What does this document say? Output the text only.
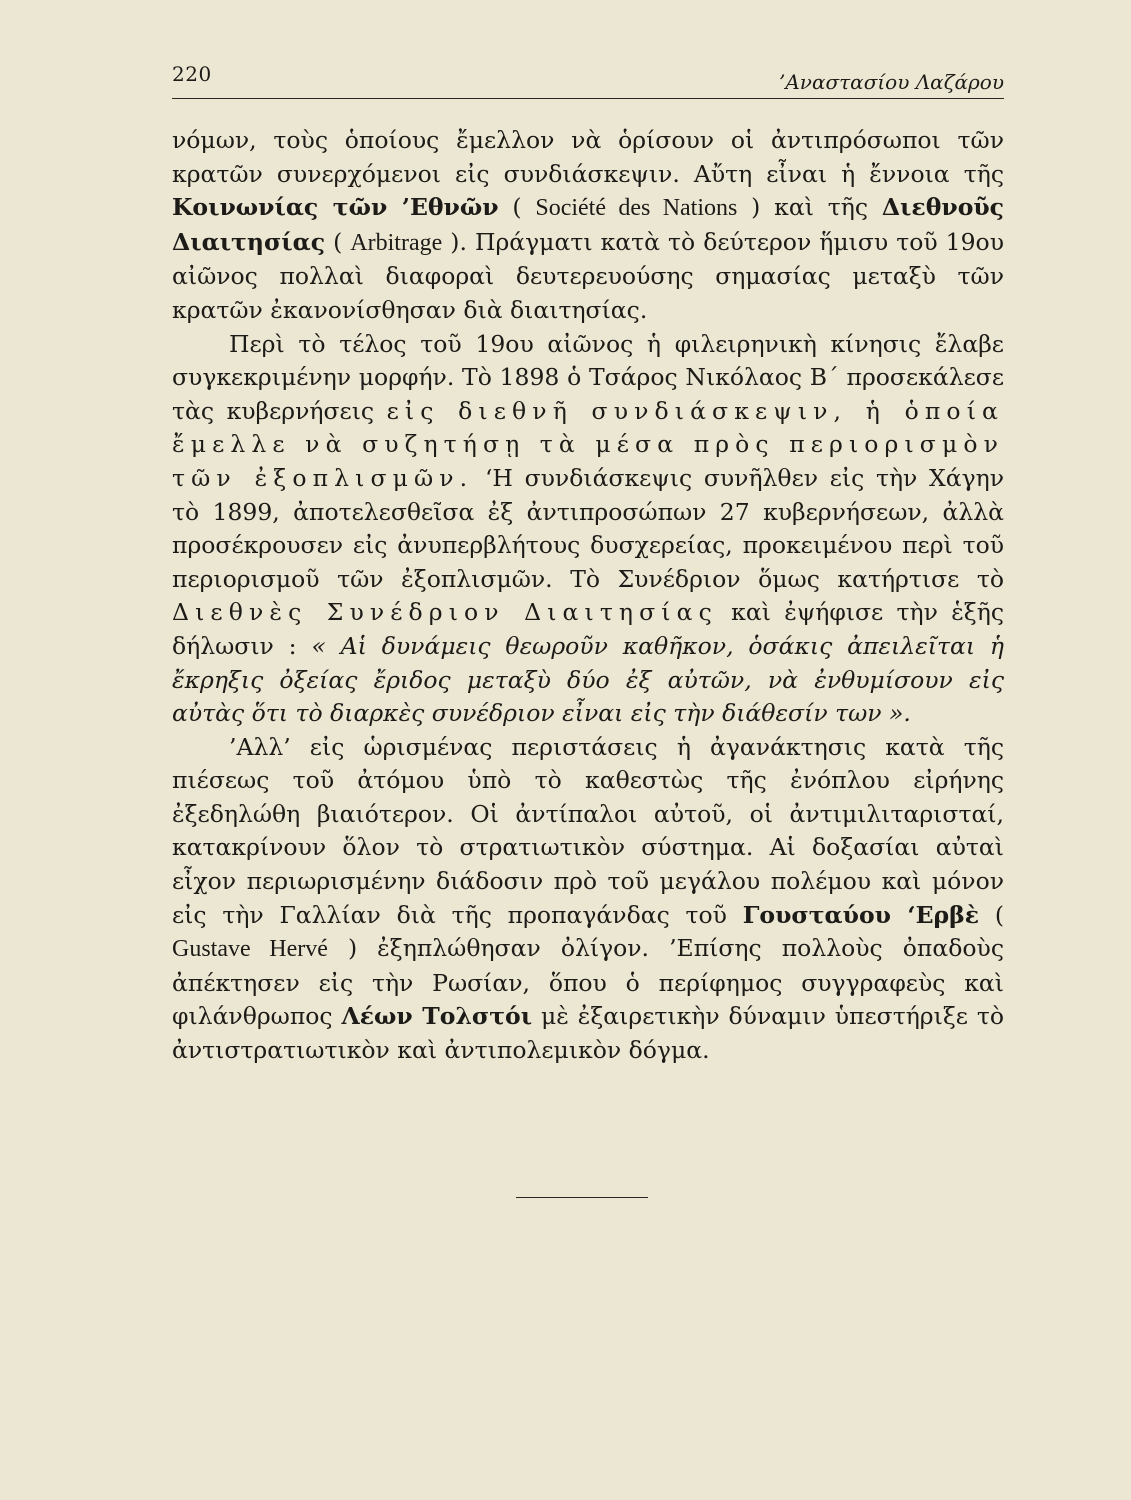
220	’Αναστασίου Λαζάρου

νόμων, τοὺς ὁποίους ἔμελλον νὰ ὁρίσουν οἱ ἀντιπρόσωποι τῶν κρατῶν συνερχόμενοι εἰς συνδιάσκεψιν. Αὔτη εἶναι ἡ ἔννοια τῆς Κοινωνίας τῶν ’Εθνῶν ( Société des Nations ) καὶ τῆς Διεθνοῦς Διαιτησίας ( Arbitrage ). Πράγματι κατὰ τὸ δεύτερον ἥμισυ τοῦ 19ου αἰῶνος πολλαὶ διαφοραὶ δευτερευούσης σημασίας μεταξὺ τῶν κρατῶν ἐκανονίσθησαν διὰ διαιτησίας.

Περὶ τὸ τέλος τοῦ 19ου αἰῶνος ἡ φιλειρηνικὴ κίνησις ἔλαβε συγκεκριμένην μορφήν. Τὸ 1898 ὁ Τσάρος Νικόλαος Β΄ προσεκάλεσε τὰς κυβερνήσεις εἰς διεθνῆ συνδιάσκεψιν, ἡ ὁποία ἔμελλε νὰ συζητήσῃ τὰ μέσα πρὸς περιορισμὸν τῶν ἐξοπλισμῶν. ‘Η συνδιάσκεψις συνῆλθεν εἰς τὴν Χάγην τὸ 1899, ἀποτελεσθεῖσα ἐξ ἀντιπροσώπων 27 κυβερνήσεων, ἀλλὰ προσέκρουσεν εἰς ἀνυπερβλήτους δυσχερείας, προκειμένου περὶ τοῦ περιορισμοῦ τῶν ἐξοπλισμῶν. Τὸ Συνέδριον ὅμως κατήρτισε τὸ Διεθνὲς Συνέδριον Διαιτησίας καὶ ἐψήφισε τὴν ἑξῆς δήλωσιν : « Αἱ δυνάμεις θεωροῦν καθῆκον, ὁσάκις ἀπειλεῖται ἡ ἔκρηξις ὀξείας ἔριδος μεταξὺ δύο ἐξ αὐτῶν, νὰ ἐνθυμίσουν εἰς αὐτὰς ὅτι τὸ διαρκὲς συνέδριον εἶναι εἰς τὴν διάθεσίν των ».

’Αλλ’ εἰς ὡρισμένας περιστάσεις ἡ ἀγανάκτησις κατὰ τῆς πιέσεως τοῦ ἀτόμου ὑπὸ τὸ καθεστὼς τῆς ἐνόπλου εἰρήνης ἐξεδηλώθη βιαιότερον. Οἱ ἀντίπαλοι αὐτοῦ, οἱ ἀντιμιλιταρισταί, κατακρίνουν ὅλον τὸ στρατιωτικὸν σύστημα. Αἱ δοξασίαι αὐταὶ εἶχον περιωρισμένην διάδοσιν πρὸ τοῦ μεγάλου πολέμου καὶ μόνον εἰς τὴν Γαλλίαν διὰ τῆς προπαγάνδας τοῦ Γουσταύου ‘Ερβὲ ( Gustave Hervé ) ἐξηπλώθησαν ὀλίγον. ’Επίσης πολλοὺς ὀπαδοὺς ἀπέκτησεν εἰς τὴν Ρωσίαν, ὅπου ὁ περίφημος συγγραφεὺς καὶ φιλάνθρωπος Λέων Τολστόι μὲ ἐξαιρετικὴν δύναμιν ὑπεστήριξε τὸ ἀντιστρατιωτικὸν καὶ ἀντιπολεμικὸν δόγμα.
